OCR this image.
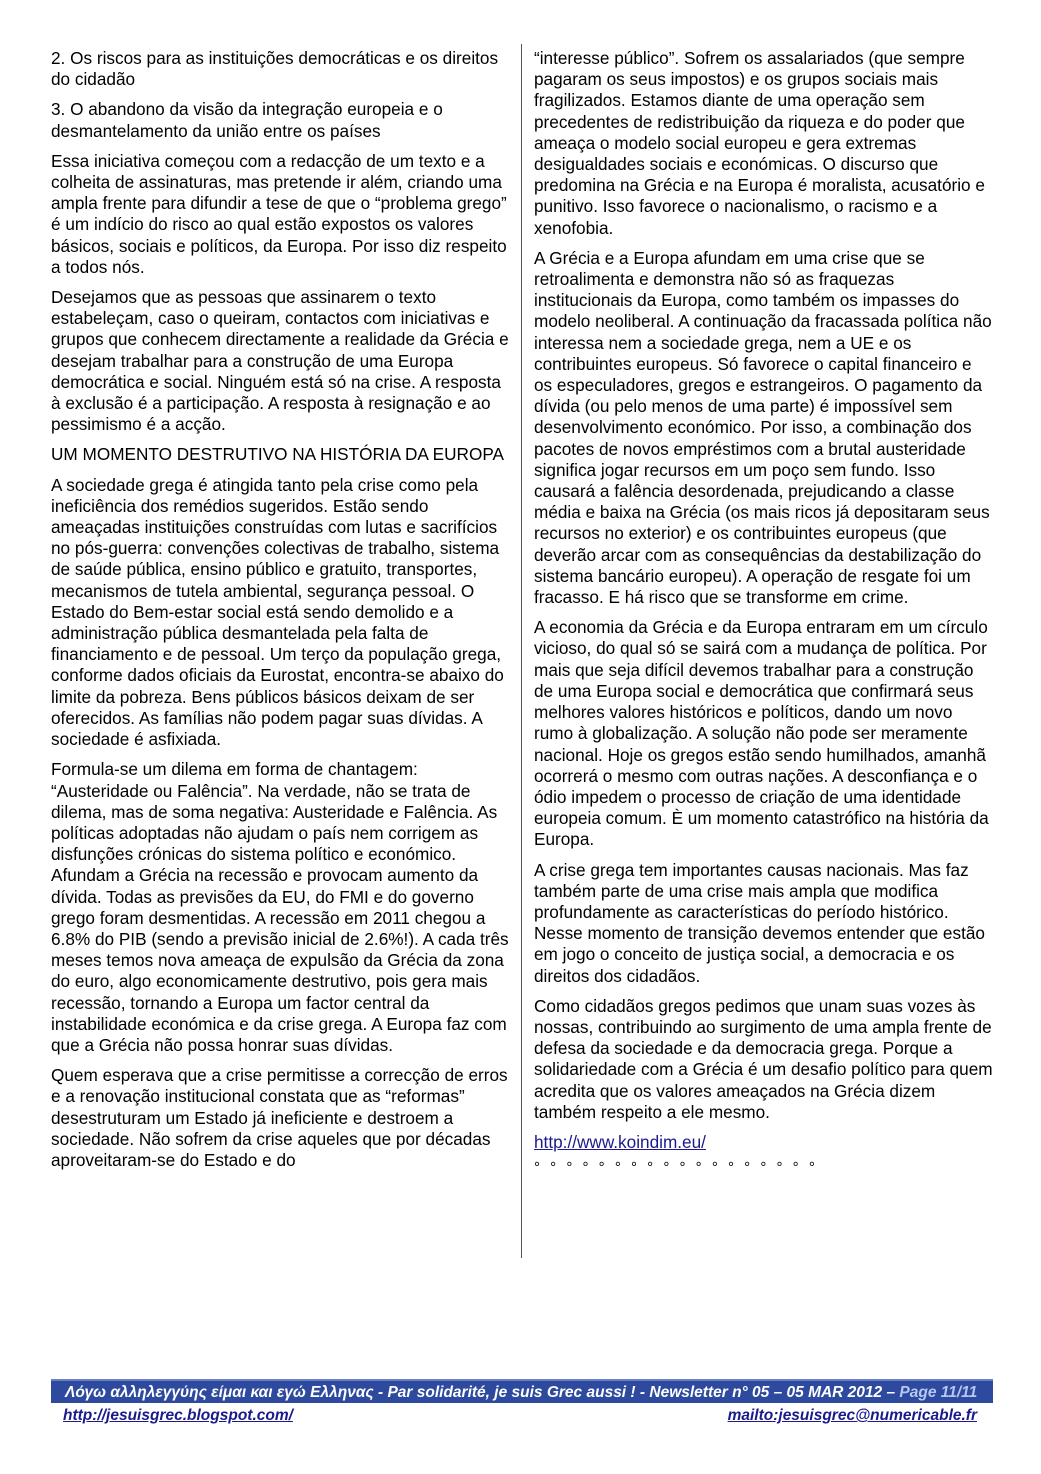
2. Os riscos para as instituições democráticas e os direitos do cidadão

3. O abandono da visão da integração europeia e o desmantelamento da união entre os países

Essa iniciativa começou com a redacção de um texto e a colheita de assinaturas, mas pretende ir além, criando uma ampla frente para difundir a tese de que o “problema grego” é um indício do risco ao qual estão expostos os valores básicos, sociais e políticos, da Europa. Por isso diz respeito a todos nós.

Desejamos que as pessoas que assinarem o texto estabeleçam, caso o queiram, contactos com iniciativas e grupos que conhecem directamente a realidade da Grécia e desejam trabalhar para a construção de uma Europa democrática e social. Ninguém está só na crise. A resposta à exclusão é a participação. A resposta à resignação e ao pessimismo é a acção.

UM MOMENTO DESTRUTIVO NA HISTÓRIA DA EUROPA

A sociedade grega é atingida tanto pela crise como pela ineficiência dos remédios sugeridos. Estão sendo ameaçadas instituições construídas com lutas e sacrifícios no pós-guerra: convenções colectivas de trabalho, sistema de saúde pública, ensino público e gratuito, transportes, mecanismos de tutela ambiental, segurança pessoal. O Estado do Bem-estar social está sendo demolido e a administração pública desmantelada pela falta de financiamento e de pessoal. Um terço da população grega, conforme dados oficiais da Eurostat, encontra-se abaixo do limite da pobreza. Bens públicos básicos deixam de ser oferecidos. As famílias não podem pagar suas dívidas. A sociedade é asfixiada.

Formula-se um dilema em forma de chantagem: “Austeridade ou Falência”. Na verdade, não se trata de dilema, mas de soma negativa: Austeridade e Falência. As políticas adoptadas não ajudam o país nem corrigem as disfunções crónicas do sistema político e económico. Afundam a Grécia na recessão e provocam aumento da dívida. Todas as previsões da EU, do FMI e do governo grego foram desmentidas. A recessão em 2011 chegou a 6.8% do PIB (sendo a previsão inicial de 2.6%!). A cada três meses temos nova ameaça de expulsão da Grécia da zona do euro, algo economicamente destrutivo, pois gera mais recessão, tornando a Europa um factor central da instabilidade económica e da crise grega. A Europa faz com que a Grécia não possa honrar suas dívidas.

Quem esperava que a crise permitisse a correcção de erros e a renovação institucional constata que as “reformas” desestruturam um Estado já ineficiente e destroem a sociedade. Não sofrem da crise aqueles que por décadas aproveitaram-se do Estado e do

“interesse público”. Sofrem os assalariados (que sempre pagaram os seus impostos) e os grupos sociais mais fragilizados. Estamos diante de uma operação sem precedentes de redistribuição da riqueza e do poder que ameaça o modelo social europeu e gera extremas desigualdades sociais e económicas. O discurso que predomina na Grécia e na Europa é moralista, acusatório e punitivo. Isso favorece o nacionalismo, o racismo e a xenofobia.

A Grécia e a Europa afundam em uma crise que se retroalimenta e demonstra não só as fraquezas institucionais da Europa, como também os impasses do modelo neoliberal. A continuação da fracassada política não interessa nem a sociedade grega, nem a UE e os contribuintes europeus. Só favorece o capital financeiro e os especuladores, gregos e estrangeiros. O pagamento da dívida (ou pelo menos de uma parte) é impossível sem desenvolvimento económico. Por isso, a combinação dos pacotes de novos empréstimos com a brutal austeridade significa jogar recursos em um poço sem fundo. Isso causará a falência desordenada, prejudicando a classe média e baixa na Grécia (os mais ricos já depositaram seus recursos no exterior) e os contribuintes europeus (que deverão arcar com as consequências da destabilização do sistema bancário europeu). A operação de resgate foi um fracasso. E há risco que se transforme em crime.

A economia da Grécia e da Europa entraram em um círculo vicioso, do qual só se sairá com a mudança de política. Por mais que seja difícil devemos trabalhar para a construção de uma Europa social e democrática que confirmará seus melhores valores históricos e políticos, dando um novo rumo à globalização. A solução não pode ser meramente nacional. Hoje os gregos estão sendo humilhados, amanhã ocorrerá o mesmo com outras nações. A desconfiança e o ódio impedem o processo de criação de uma identidade europeia comum. È um momento catastrófico na história da Europa.

A crise grega tem importantes causas nacionais. Mas faz também parte de uma crise mais ampla que modifica profundamente as características do período histórico. Nesse momento de transição devemos entender que estão em jogo o conceito de justiça social, a democracia e os direitos dos cidadãos.

Como cidadãos gregos pedimos que unam suas vozes às nossas, contribuindo ao surgimento de uma ampla frente de defesa da sociedade e da democracia grega. Porque a solidariedade com a Grécia é um desafio político para quem acredita que os valores ameaçados na Grécia dizem também respeito a ele mesmo.

http://www.koindim.eu/

° ° ° ° ° ° ° ° ° ° ° ° ° ° ° ° ° °
Λόγω αλληλεγγύης είμαι και εγώ Ελληνας - Par solidarité, je suis Grec aussi ! - Newsletter n° 05 – 05 MAR 2012 – Page 11/11
http://jesuisgrec.blogspot.com/	mailto:jesuisgrec@numericable.fr
